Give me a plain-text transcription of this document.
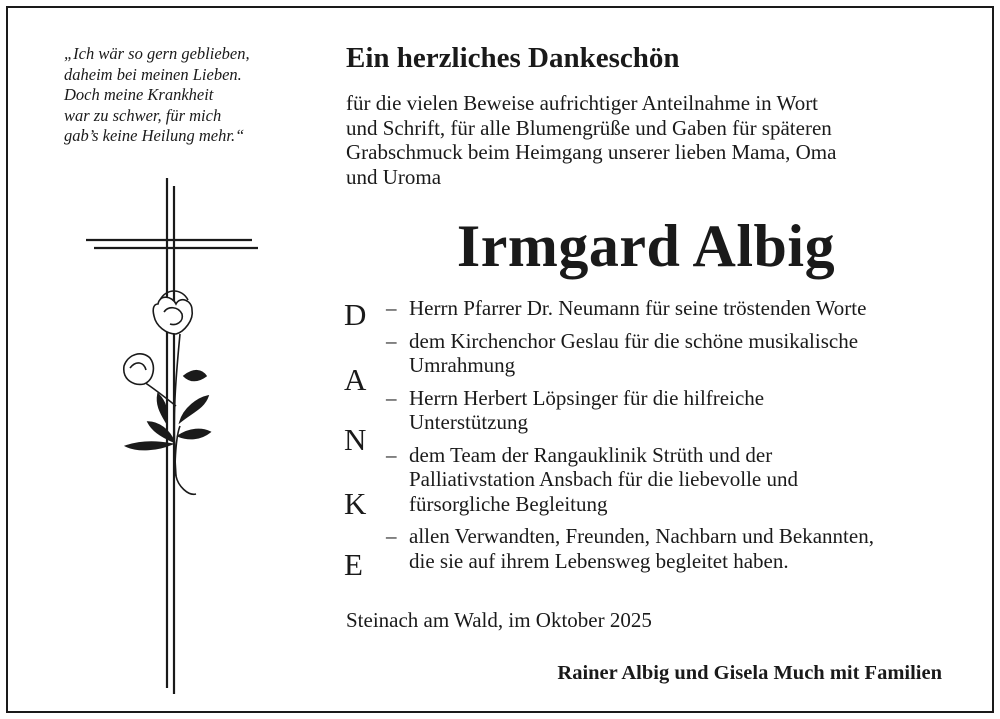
„Ich wär so gern geblieben,
daheim bei meinen Lieben.
Doch meine Krankheit
war zu schwer, für mich
gab’s keine Heilung mehr.“
Ein herzliches Dankeschön
für die vielen Beweise aufrichtiger Anteilnahme in Wort
und Schrift, für alle Blumengrüße und Gaben für späteren
Grabschmuck beim Heimgang unserer lieben Mama, Oma
und Uroma
Irmgard Albig
D
A
N
K
E
– Herrn Pfarrer Dr. Neumann für seine tröstenden Worte
– dem Kirchenchor Geslau für die schöne musikalische
Umrahmung
– Herrn Herbert Löpsinger für die hilfreiche
Unterstützung
– dem Team der Rangauklinik Strüth und der
Palliativstation Ansbach für die liebevolle und
fürsorgliche Begleitung
– allen Verwandten, Freunden, Nachbarn und Bekannten,
die sie auf ihrem Lebensweg begleitet haben.
Steinach am Wald, im Oktober 2025
Rainer Albig und Gisela Much mit Familien
